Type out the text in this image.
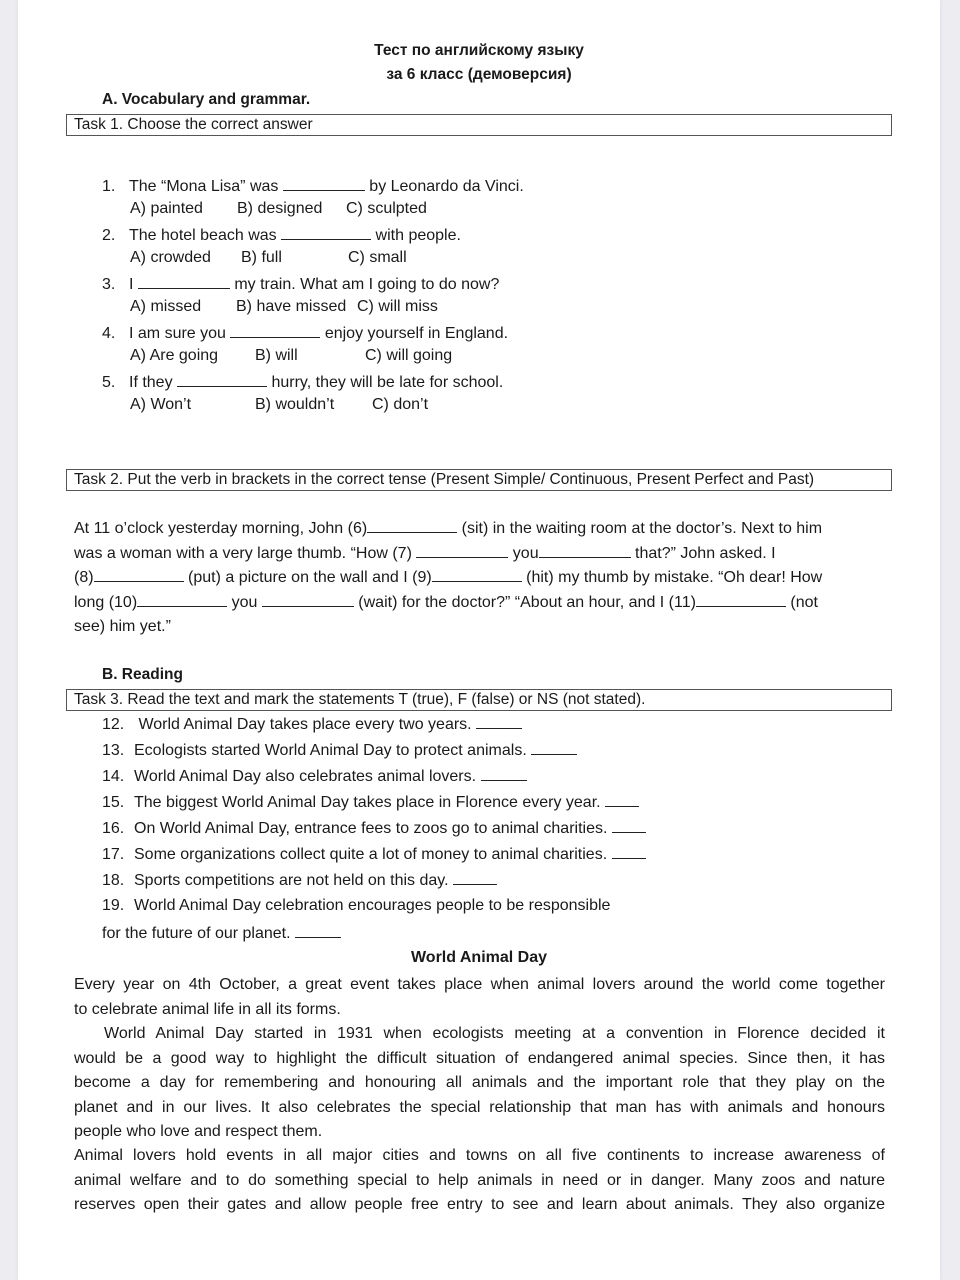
Тест по английскому языку
за 6 класс (демоверсия)
A. Vocabulary and grammar.
Task 1. Choose the correct answer
1. The “Mona Lisa” was	by Leonardo da Vinci.
A) painted B) designed C) sculpted
2. The hotel beach was	with people.
A) crowded B) full	C) small
3. I	my train. What am I going to do now?
A) missed B) have missed C) will miss
4. I am sure you	enjoy yourself in England.
A) Are going B) will	C) will going
5. If they	hurry, they will be late for school.
A) Won’t	B) wouldn’t C) don’t
Task 2. Put the verb in brackets in the correct tense (Present Simple/ Continuous, Present Perfect and Past)
At 11 o’clock yesterday morning, John (6)	(sit) in the waiting room at the doctor’s. Next to him
was a woman with a very large thumb. “How (7)	you	that?” John asked. I
(8)	(put) a picture on the wall and I (9)	(hit) my thumb by mistake. “Oh dear! How
long (10)	you	(wait) for the doctor?” “About an hour, and I (11)	(not
see) him yet.”
B. Reading
Task 3. Read the text and mark the statements T (true), F (false) or NS (not stated).
12. World Animal Day takes place every two years.
13. Ecologists started World Animal Day to protect animals.
14. World Animal Day also celebrates animal lovers.
15. The biggest World Animal Day takes place in Florence every year.
16. On World Animal Day, entrance fees to zoos go to animal charities.
17. Some organizations collect quite a lot of money to animal charities.
18. Sports competitions are not held on this day.
19. World Animal Day celebration encourages people to be responsible
for the future of our planet.
World Animal Day
Every year on 4th October, a great event takes place when animal lovers around the world come together
to celebrate animal life in all its forms.
World Animal Day started in 1931 when ecologists meeting at a convention in Florence decided it
would be a good way to highlight the difficult situation of endangered animal species. Since then, it has
become a day for remembering and honouring all animals and the important role that they play on the
planet and in our lives. It also celebrates the special relationship that man has with animals and honours
people who love and respect them.
Animal lovers hold events in all major cities and towns on all five continents to increase awareness of
animal welfare and to do something special to help animals in need or in danger. Many zoos and nature
reserves open their gates and allow people free entry to see and learn about animals. They also organize
